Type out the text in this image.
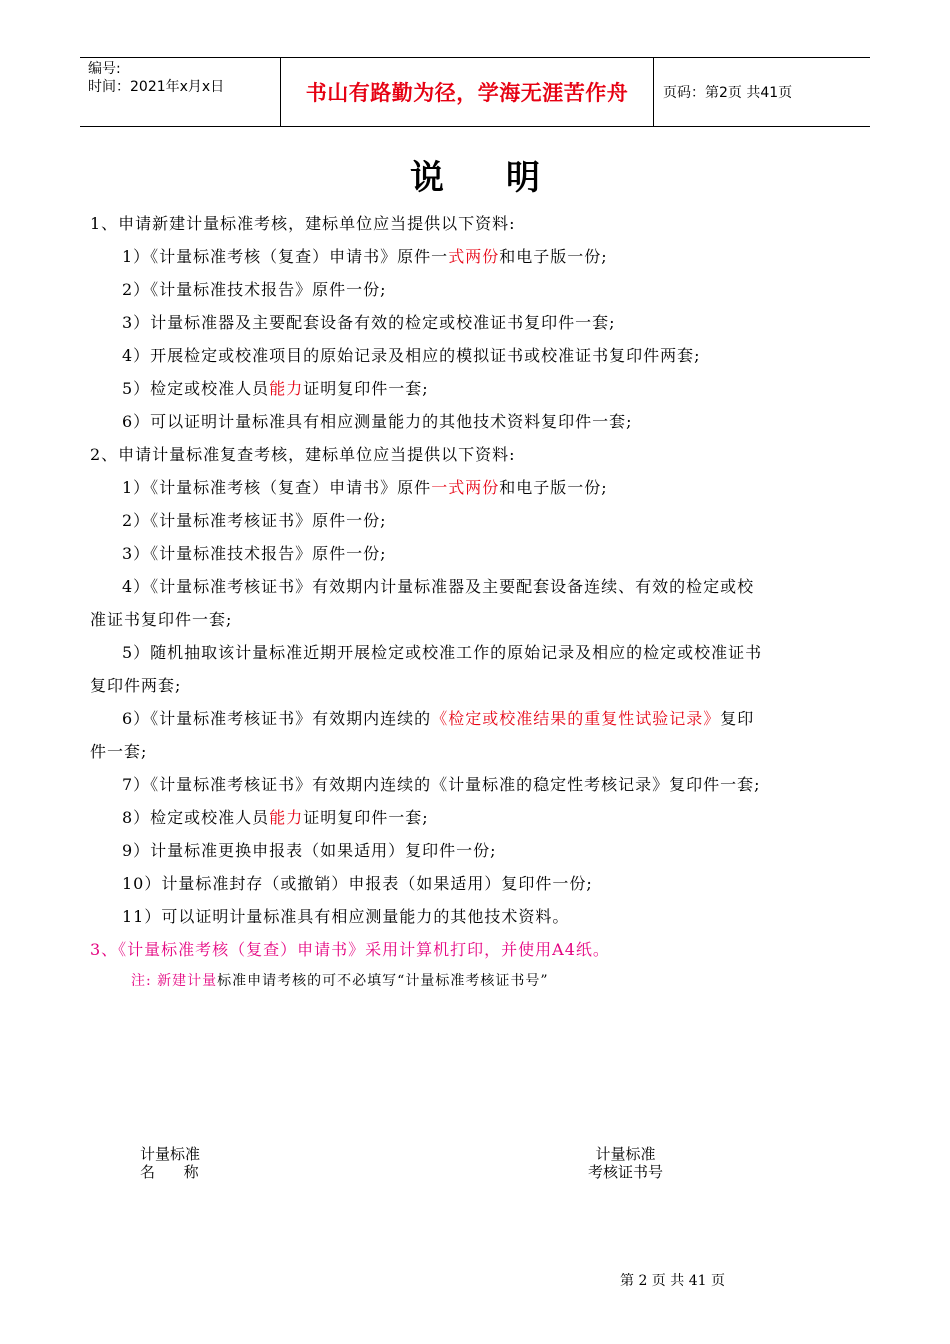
编号:
时间：2021年x月x日	书山有路勤为径，学海无涯苦作舟	页码：第2页 共41页
说明
1、申请新建计量标准考核，建标单位应当提供以下资料:
1）《计量标准考核（复查）申请书》原件一式两份和电子版一份;
2）《计量标准技术报告》原件一份;
3）计量标准器及主要配套设备有效的检定或校准证书复印件一套;
4）开展检定或校准项目的原始记录及相应的模拟证书或校准证书复印件两套;
5）检定或校准人员能力证明复印件一套;
6）可以证明计量标准具有相应测量能力的其他技术资料复印件一套;
2、申请计量标准复查考核，建标单位应当提供以下资料:
1）《计量标准考核（复查）申请书》原件一式两份和电子版一份;
2）《计量标准考核证书》原件一份;
3）《计量标准技术报告》原件一份;
4）《计量标准考核证书》有效期内计量标准器及主要配套设备连续、有效的检定或校
准证书复印件一套;
5）随机抽取该计量标准近期开展检定或校准工作的原始记录及相应的检定或校准证书
复印件两套;
6）《计量标准考核证书》有效期内连续的《检定或校准结果的重复性试验记录》复印
件一套;
7）《计量标准考核证书》有效期内连续的《计量标准的稳定性考核记录》复印件一套;
8）检定或校准人员能力证明复印件一套;
9）计量标准更换申报表（如果适用）复印件一份;
10）计量标准封存（或撤销）申报表（如果适用）复印件一份;
11）可以证明计量标准具有相应测量能力的其他技术资料。
3、《计量标准考核（复查）申请书》采用计算机打印，并使用A4纸。
注: 新建计量标准申请考核的可不必填写“计量标准考核证书号”
计量标准
名      称
计量标准
考核证书号
第 2 页 共 41 页
